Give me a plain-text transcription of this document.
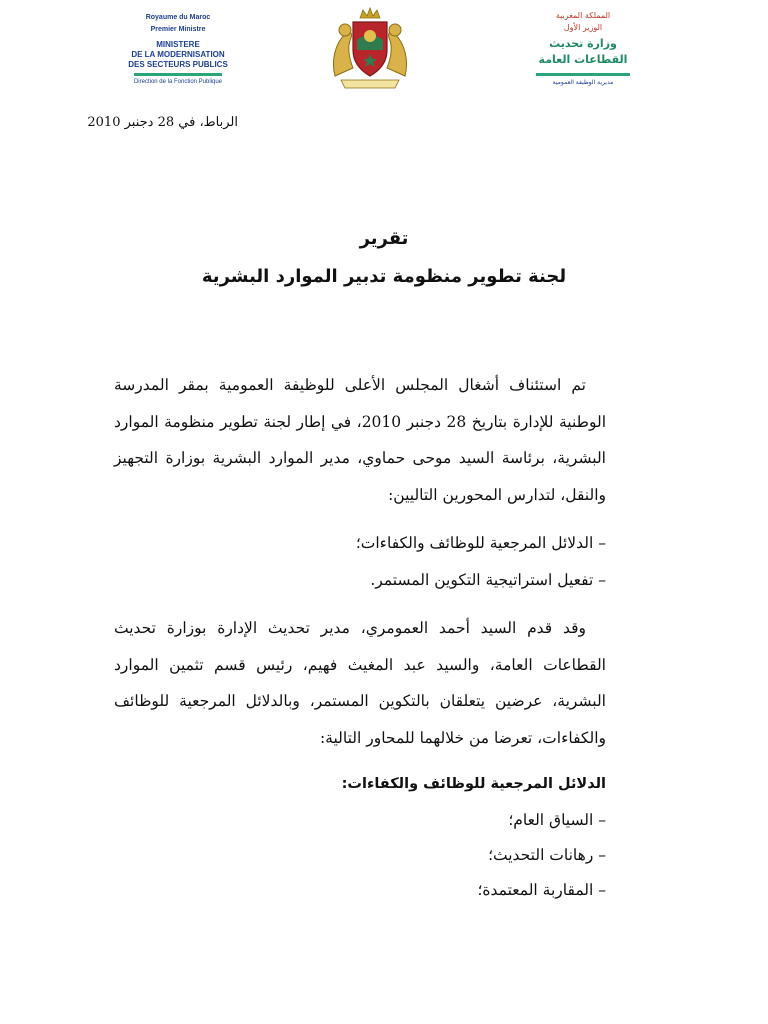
Royaume du Maroc
Premier Ministre
MINISTERE
DE LA MODERNISATION
DES SECTEURS PUBLICS
Direction de la Fonction Publique
المملكة المغربية
الوزير الأول
وزارة تحديث
القطاعات العامة
مديرية الوظيفة العمومية
الرباط، في 28 دجنبر 2010
تقرير
لجنة تطوير منظومة تدبير الموارد البشرية

تم استئناف أشغال المجلس الأعلى للوظيفة العمومية بمقر المدرسة الوطنية للإدارة بتاريخ 28 دجنبر 2010، في إطار لجنة تطوير منظومة الموارد البشرية، برئاسة السيد موحى حماوي، مدير الموارد البشرية بوزارة التجهيز والنقل، لتدارس المحورين التاليين:

– الدلائل المرجعية للوظائف والكفاءات؛
– تفعيل استراتيجية التكوين المستمر.

وقد قدم السيد أحمد العمومري، مدير تحديث الإدارة بوزارة تحديث القطاعات العامة، والسيد عبد المغيث فهيم، رئيس قسم تثمين الموارد البشرية، عرضين يتعلقان بالتكوين المستمر، وبالدلائل المرجعية للوظائف والكفاءات، تعرضا من خلالهما للمحاور التالية:

الدلائل المرجعية للوظائف والكفاءات:
– السياق العام؛
– رهانات التحديث؛
– المقاربة المعتمدة؛
